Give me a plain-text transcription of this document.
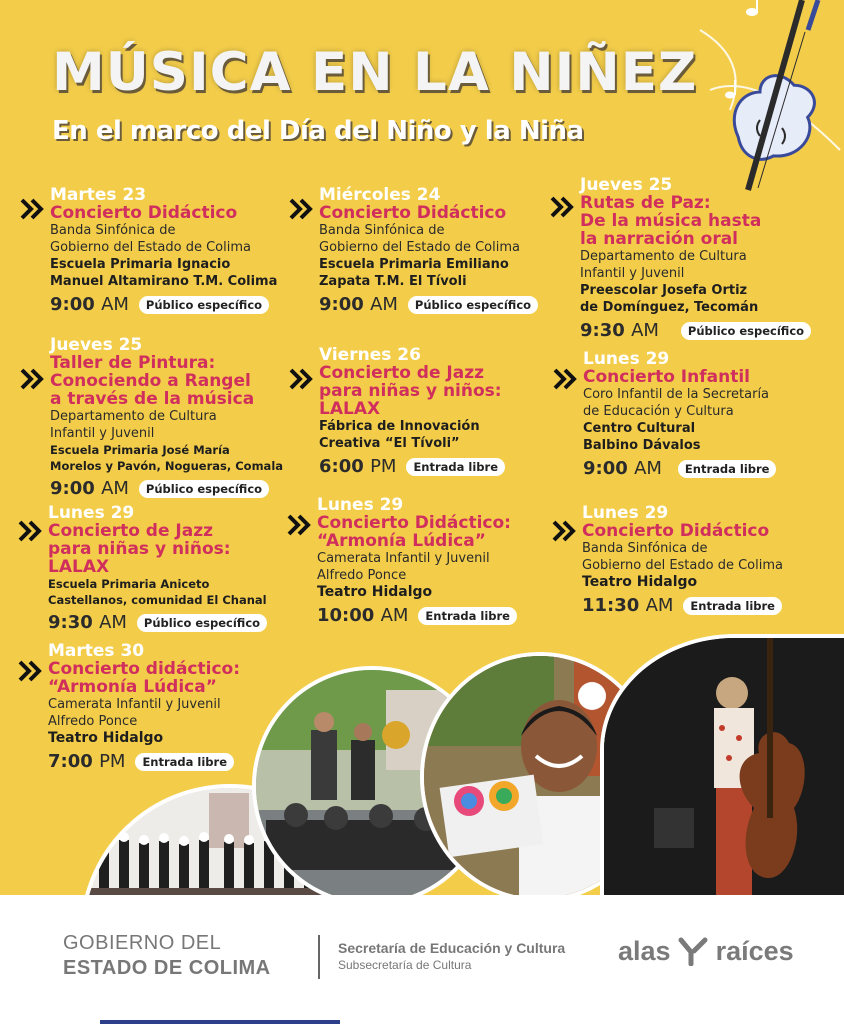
MÚSICA EN LA NIÑEZ
En el marco del Día del Niño y la Niña
Martes 23
Concierto Didáctico
Banda Sinfónica de
Gobierno del Estado de Colima
Escuela Primaria Ignacio
Manuel Altamirano T.M. Colima
9:00 AM	Público específico
Miércoles 24
Concierto Didáctico
Banda Sinfónica de
Gobierno del Estado de Colima
Escuela Primaria Emiliano
Zapata T.M. El Tívoli
9:00 AM	Público específico
Jueves 25
Rutas de Paz:
De la música hasta
la narración oral
Departamento de Cultura
Infantil y Juvenil
Preescolar Josefa Ortiz
de Domínguez, Tecomán
9:30 AM	Público específico
Jueves 25
Taller de Pintura:
Conociendo a Rangel
a través de la música
Departamento de Cultura
Infantil y Juvenil
Escuela Primaria José María
Morelos y Pavón, Nogueras, Comala
9:00 AM	Público específico
Viernes 26
Concierto de Jazz
para niñas y niños:
LALAX
Fábrica de Innovación
Creativa “El Tívoli”
6:00 PM	Entrada libre
Lunes 29
Concierto Infantil
Coro Infantil de la Secretaría
de Educación y Cultura
Centro Cultural
Balbino Dávalos
9:00 AM	Entrada libre
Lunes 29
Concierto de Jazz
para niñas y niños:
LALAX
Escuela Primaria Aniceto
Castellanos, comunidad El Chanal
9:30 AM	Público específico
Lunes 29
Concierto Didáctico:
“Armonía Lúdica”
Camerata Infantil y Juvenil
Alfredo Ponce
Teatro Hidalgo
10:00 AM	Entrada libre
Lunes 29
Concierto Didáctico
Banda Sinfónica de
Gobierno del Estado de Colima
Teatro Hidalgo
11:30 AM	Entrada libre
Martes 30
Concierto didáctico:
“Armonía Lúdica”
Camerata Infantil y Juvenil
Alfredo Ponce
Teatro Hidalgo
7:00 PM	Entrada libre
GOBIERNO DEL
ESTADO DE COLIMA
Secretaría de Educación y Cultura
Subsecretaría de Cultura	alas raíces
